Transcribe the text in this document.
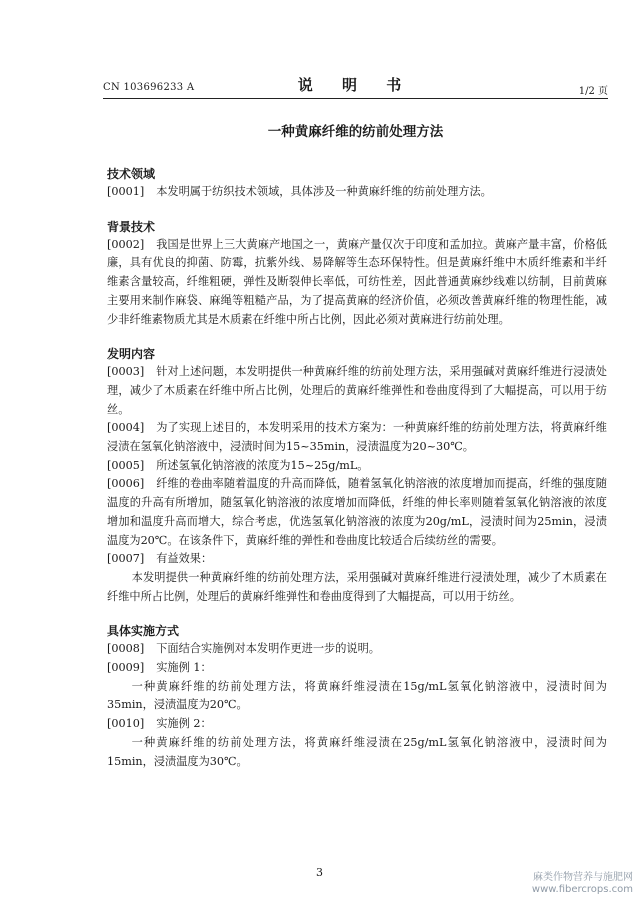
CN 103696233 A	说 明 书	1/2 页
一种黄麻纤维的纺前处理方法
技术领域

[0001] 本发明属于纺织技术领域，具体涉及一种黄麻纤维的纺前处理方法。

背景技术

[0002] 我国是世界上三大黄麻产地国之一，黄麻产量仅次于印度和孟加拉。黄麻产量丰富，价格低廉，具有优良的抑菌、防霉，抗紫外线、易降解等生态环保特性。但是黄麻纤维中木质纤维素和半纤维素含量较高，纤维粗硬，弹性及断裂伸长率低，可纺性差，因此普通黄麻纱线难以纺制，目前黄麻主要用来制作麻袋、麻绳等粗糙产品，为了提高黄麻的经济价值，必须改善黄麻纤维的物理性能，减少非纤维素物质尤其是木质素在纤维中所占比例，因此必须对黄麻进行纺前处理。

发明内容

[0003] 针对上述问题，本发明提供一种黄麻纤维的纺前处理方法，采用强碱对黄麻纤维进行浸渍处理，减少了木质素在纤维中所占比例，处理后的黄麻纤维弹性和卷曲度得到了大幅提高，可以用于纺丝。

[0004] 为了实现上述目的，本发明采用的技术方案为：一种黄麻纤维的纺前处理方法，将黄麻纤维浸渍在氢氧化钠溶液中，浸渍时间为15~35min，浸渍温度为20~30℃。

[0005] 所述氢氧化钠溶液的浓度为15~25g/mL。

[0006] 纤维的卷曲率随着温度的升高而降低，随着氢氧化钠溶液的浓度增加而提高，纤维的强度随温度的升高有所增加，随氢氧化钠溶液的浓度增加而降低，纤维的伸长率则随着氢氧化钠溶液的浓度增加和温度升高而增大，综合考虑，优选氢氧化钠溶液的浓度为20g/mL，浸渍时间为25min，浸渍温度为20℃。在该条件下，黄麻纤维的弹性和卷曲度比较适合后续纺丝的需要。

[0007] 有益效果：

本发明提供一种黄麻纤维的纺前处理方法，采用强碱对黄麻纤维进行浸渍处理，减少了木质素在纤维中所占比例，处理后的黄麻纤维弹性和卷曲度得到了大幅提高，可以用于纺丝。

具体实施方式

[0008] 下面结合实施例对本发明作更进一步的说明。

[0009] 实施例 1：

一种黄麻纤维的纺前处理方法，将黄麻纤维浸渍在15g/mL氢氧化钠溶液中，浸渍时间为35min，浸渍温度为20℃。

[0010] 实施例 2：

一种黄麻纤维的纺前处理方法，将黄麻纤维浸渍在25g/mL氢氧化钠溶液中，浸渍时间为15min，浸渍温度为30℃。

3	麻类作物营养与施肥网
www.fibercrops.com
